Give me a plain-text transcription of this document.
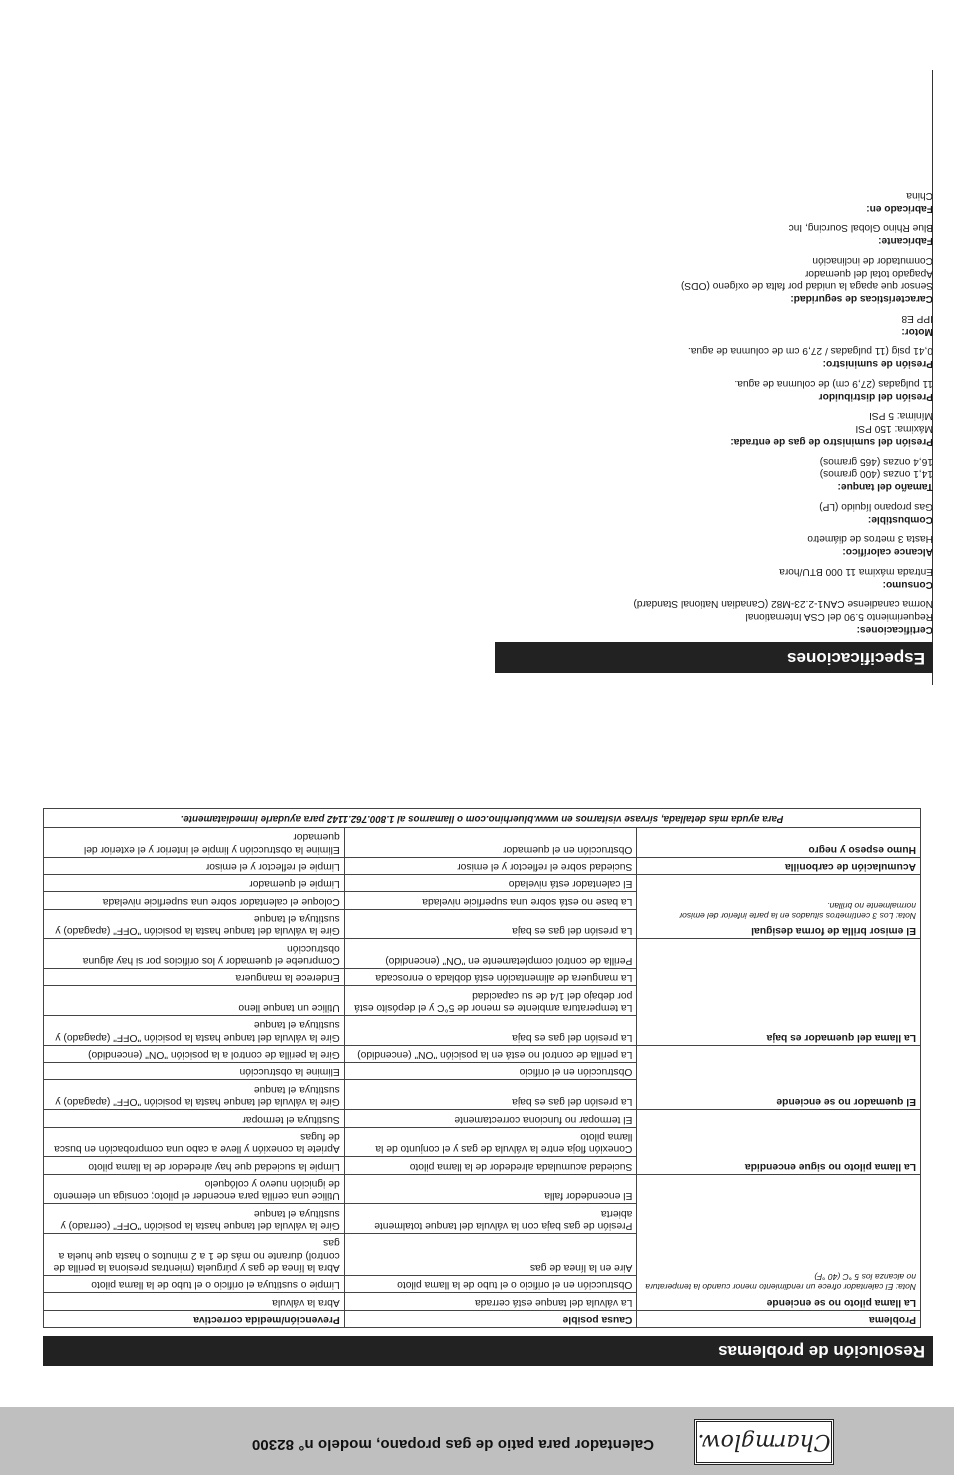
Charmglow.
Calentador para patio de gas propano, modelo n° 82300
Resolución de problemas
Problema	Causa posible	Prevención/medida correctiva
La llama piloto no se enciende
Nota: El calentador ofrece un rendimiento menor cuando la temperatura no alcanza los 5 °C (40 °F)	La válvula del tanque está cerrada	Abra la válvula
	Obstrucción en el orificio o el tubo de la llama piloto	Limpie o sustituya el orificio o el tubo de la llama piloto
	Aire en la línea de gas	Abra la línea de gas y púrguela (mientras presiona la perilla de control) durante no más de 1 a 2 minutos o hasta que huela a gas
	Presión de gas baja con la válvula del tanque totalmente abierta	Gire la válvula del tanque hasta la posición "OFF" (cerrado) y sustituya el tanque
	El encendedor falla	Utilice una cerilla para encender el piloto; consiga un elemento de ignición nuevo y colóquelo
La llama piloto no sigue encendida	Suciedad acumulada alrededor de la llama piloto	Limpie la suciedad que hay alrededor de la llama piloto
	Conexión floja entre la válvula de gas y el conjunto de la llama piloto	Apriete la conexión y lleve a cabo una comprobación en busca de fugas
	El termopar no funciona correctamente	Sustituya el termopar
El quemador no se enciende	La presión del gas es baja	Gire la válvula del tanque hasta la posición "OFF" (apagado) y sustituya el tanque
	Obstrucción en el orificio	Elimine la obstrucción
	La perilla de control no está en la posición "ON" (encendido)	Gire la perilla de control a la posición "ON" (encendido)
La llama del quemador es baja	La presión del gas es baja	Gire la válvula del tanque hasta la posición "OFF" (apagado) y sustituya el tanque
	La temperatura ambiente es menor de 5°C y el depósito está por debajo del 1/4 de su capacidad	Utilice un tanque lleno
	La manguera de alimentación está doblada o enroscada	Enderece la manguera
	Perilla de control completamente en "ON" (encendido)	Compruebe el quemador y los orificios por si hay alguna obstrucción
El emisor brilla de forma desigual
Nota: Los 3 centímetros situados en la parte inferior del emisor normalmente no brillan.	La presión del gas es baja	Gire la válvula del tanque hasta la posición "OFF" (apagado) y sustituya el tanque
	La base no está sobre una superficie nivelada	Coloque el calentador sobre una superficie nivelada
	El calentador está nivelado	Limpie el quemador
Acumulación de carbonilla	Suciedad sobre el reflector y el emisor	Limpie el reflector y el emisor
Humo espeso y negro	Obstrucción en el quemador	Elimine la obstrucción y limpie el interior y el exterior del quemador
Para ayuda más detallada, sírvase visitarnos en www.bluerhino.com o llamarnos al 1.800.762.1142 para ayudarle inmediatamente.		
Especificaciones
Certificaciones:
Requerimiento 5.90 del CSA International
Norma canadiense CAN1-2.23-M82 (Canadian National Standard)
Consumo:
Entrada máxima 11 000 BTU/hora
Alcance calorífico:
Hasta 3 metros de diámetro
Combustible:
Gas propano líquido (LP)
Tamaño del tanque:
14,1 onzas (400 gramos)
16,4 onzas (465 gramos)
Presión del suministro de gas de entrada:
Máxima: 150 PSI
Mínima: 5 PSI
Presión del distribuidor
11 pulgadas (27,9 cm) de columna de agua.
Presión de suministro:
0,41 psig (11 pulgadas / 27,9 cm de columna de agua.
Motor:
IPP E8
Características de seguridad:
Sensor que apaga la unidad por falta de oxígeno (ODS)
Apagado total del quemador
Conmutador de inclinación
Fabricante:
Blue Rhino Global Sourcing, Inc
Fabricado en:
China
